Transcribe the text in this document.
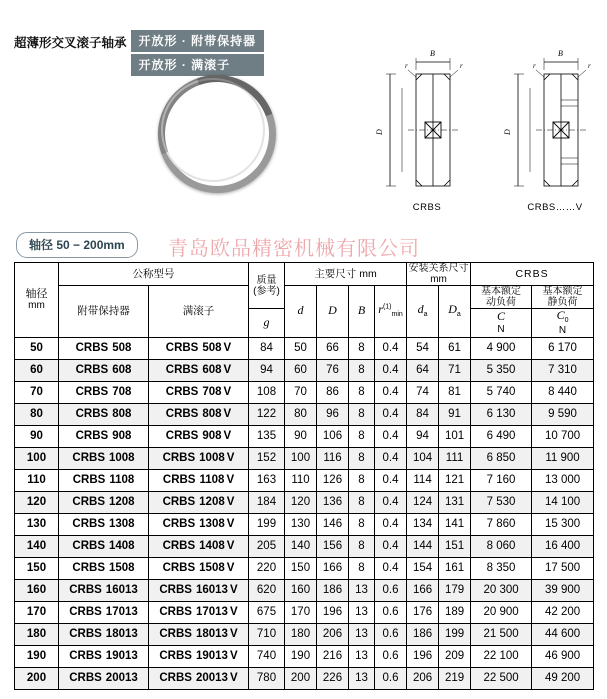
超薄形交叉滚子轴承	开放形 · 附带保持器
开放形 · 满滚子
B
D
r	r
CRBS
B
D
r	r
CRBS……V
轴径 50 − 200mm	青岛欧品精密机械有限公司
轴径
mm
	公称型号	
质量
(参考)
	主要尺寸 mm	安装关系尺寸
mm	CRBS
	附带保持器	满滚子		d	D	B	$r^{(1)}_{min}$	$d_a$	$D_a$	基本额定
动负荷	基本额定
静负荷

g	C
N

$C_0$
N

50	CRBS 508	CRBS 508 V	84	50	66	8	0.4	54	61	4 900	6 170
60	CRBS 608	CRBS 608 V	94	60	76	8	0.4	64	71	5 350	7 310
70	CRBS 708	CRBS 708 V	108	70	86	8	0.4	74	81	5 740	8 440
80	CRBS 808	CRBS 808 V	122	80	96	8	0.4	84	91	6 130	9 590
90	CRBS 908	CRBS 908 V	135	90	106	8	0.4	94	101	6 490	10 700
100	CRBS 1008	CRBS 1008 V	152	100	116	8	0.4	104	111	6 850	11 900
110	CRBS 1108	CRBS 1108 V	163	110	126	8	0.4	114	121	7 160	13 000
120	CRBS 1208	CRBS 1208 V	184	120	136	8	0.4	124	131	7 530	14 100
130	CRBS 1308	CRBS 1308 V	199	130	146	8	0.4	134	141	7 860	15 300
140	CRBS 1408	CRBS 1408 V	205	140	156	8	0.4	144	151	8 060	16 400
150	CRBS 1508	CRBS 1508 V	220	150	166	8	0.4	154	161	8 350	17 500
160	CRBS 16013	CRBS 16013 V	620	160	186	13	0.6	166	179	20 300	39 900
170	CRBS 17013	CRBS 17013 V	675	170	196	13	0.6	176	189	20 900	42 200
180	CRBS 18013	CRBS 18013 V	710	180	206	13	0.6	186	199	21 500	44 600
190	CRBS 19013	CRBS 19013 V	740	190	216	13	0.6	196	209	22 100	46 900
200	CRBS 20013	CRBS 20013 V	780	200	226	13	0.6	206	219	22 500	49 200
